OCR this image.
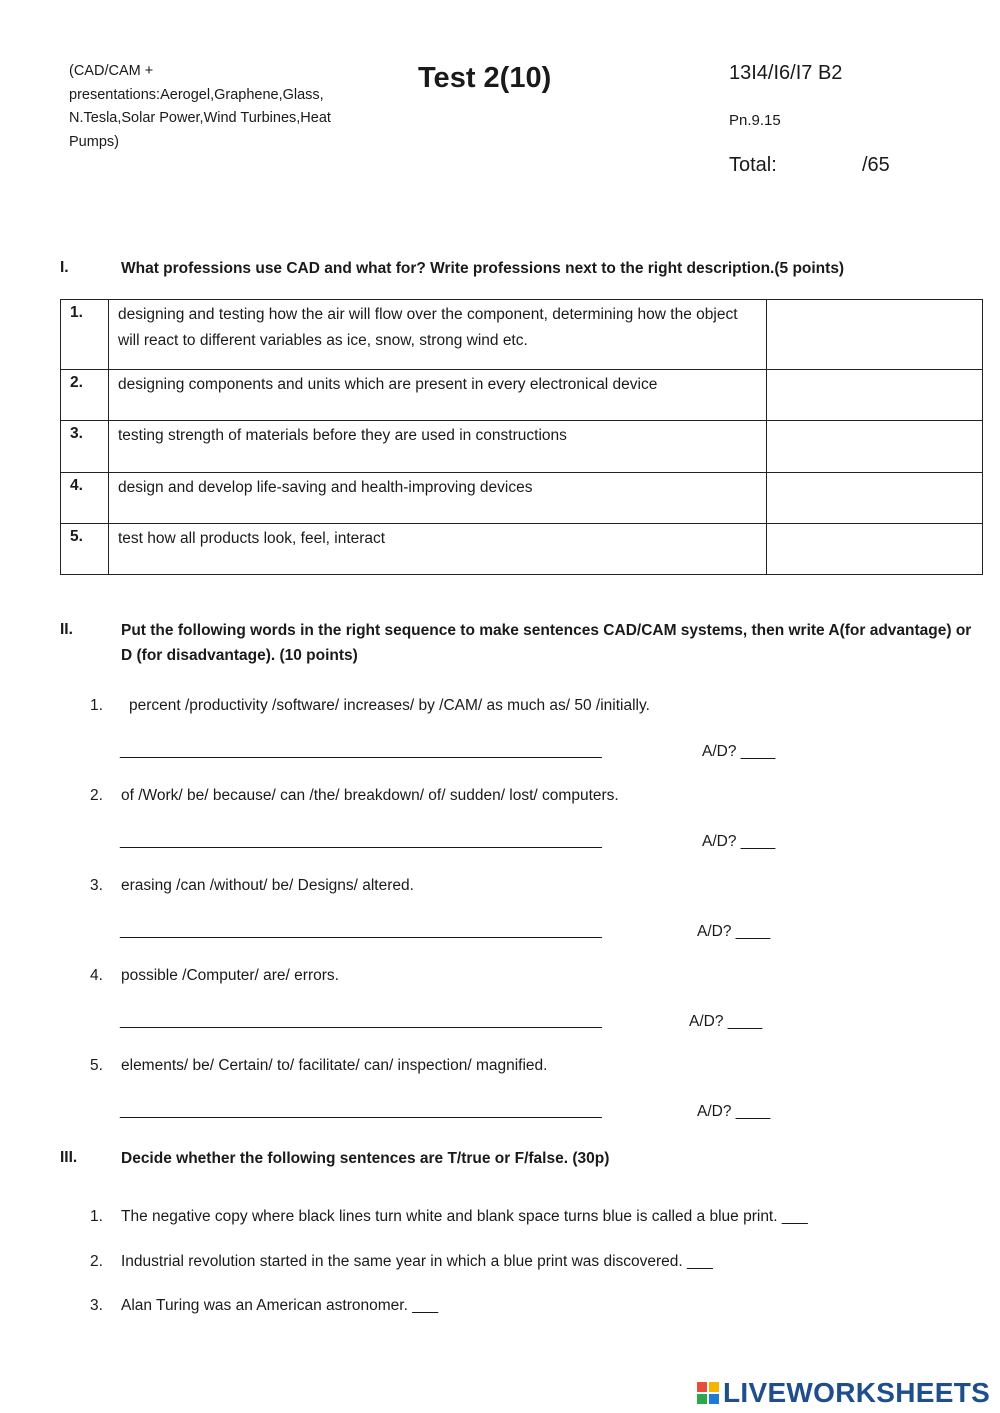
(CAD/CAM + presentations:Aerogel,Graphene,Glass, N.Tesla,Solar Power,Wind Turbines,Heat Pumps)
Test 2(10)	13I4/I6/I7 B2
Pn.9.15
Total:	/65
I.	What professions use CAD and what for? Write professions next to the right description.(5 points)
1.	designing and testing how the air will flow over the component, determining how the object will react to different variables as ice, snow, strong wind etc.	
2.	designing components and units which are present in every electronical device	
3.	testing strength of materials before they are used in constructions	
4.	design and develop life-saving and health-improving devices	
5.	test how all products look, feel, interact	
II.	Put the following words in the right sequence to make sentences CAD/CAM systems, then write A(for advantage) or D (for disadvantage). (10 points)
1. percent /productivity /software/ increases/ by /CAM/ as much as/ 50 /initially.
____________________________________________________________	A/D? ____
2. of /Work/ be/ because/ can /the/ breakdown/ of/ sudden/ lost/ computers.
____________________________________________________________	A/D? ____
3. erasing /can /without/ be/ Designs/ altered.
____________________________________________________________	A/D? ____
4. possible /Computer/ are/ errors.
____________________________________________________________	A/D? ____
5. elements/ be/ Certain/ to/ facilitate/ can/ inspection/ magnified.
____________________________________________________________	A/D? ____
III.	Decide whether the following sentences are T/true or F/false. (30p)
1. The negative copy where black lines turn white and blank space turns blue is called a blue print. ___
2. Industrial revolution started in the same year in which a blue print was discovered. ___
3. Alan Turing was an American astronomer. ___
LIVEWORKSHEETS
